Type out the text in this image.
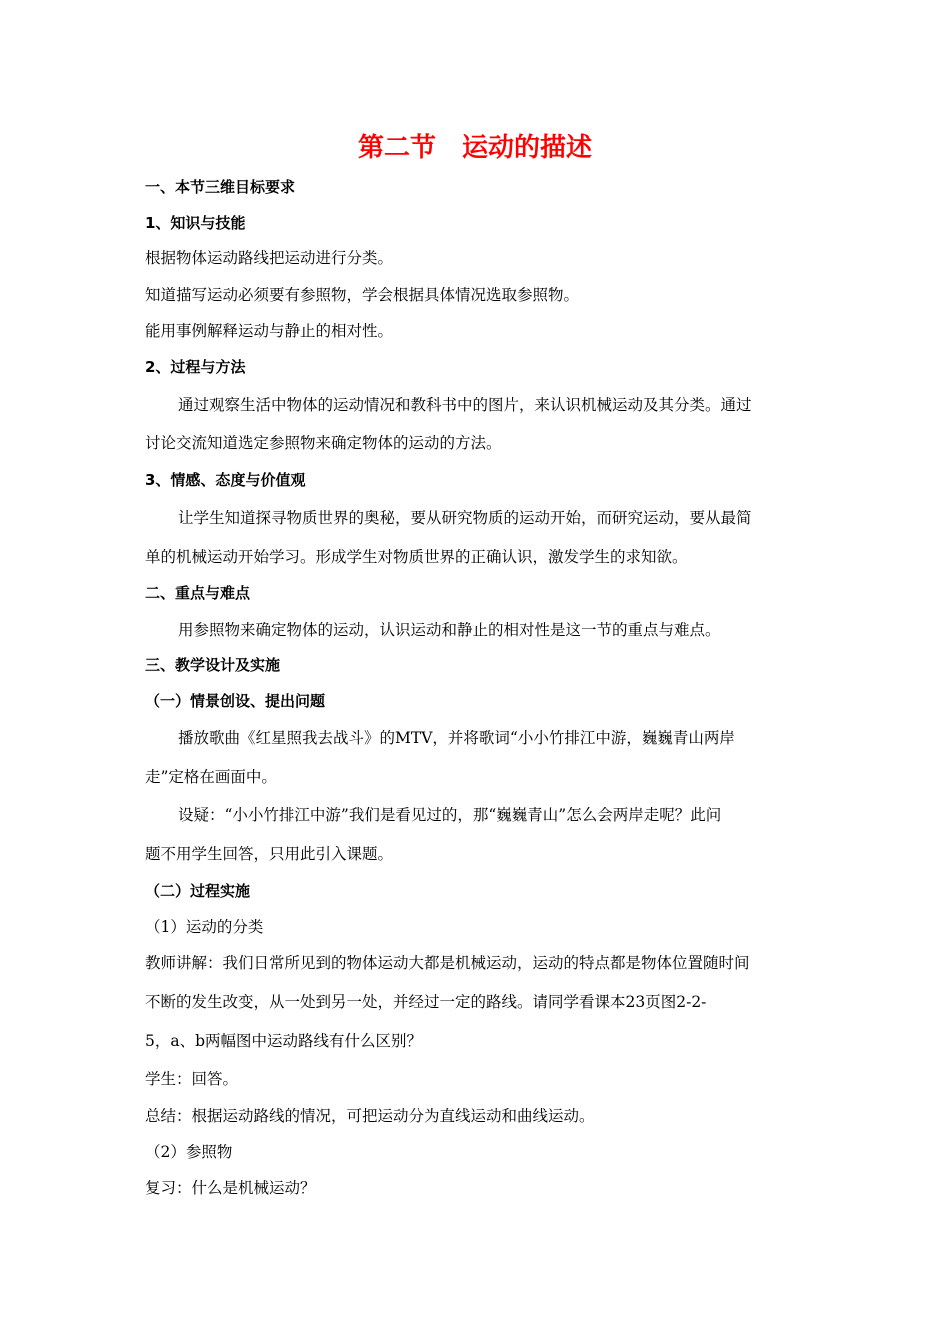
第二节　运动的描述
一、本节三维目标要求
1、知识与技能
根据物体运动路线把运动进行分类。
知道描写运动必须要有参照物，学会根据具体情况选取参照物。
能用事例解释运动与静止的相对性。
2、过程与方法
通过观察生活中物体的运动情况和教科书中的图片，来认识机械运动及其分类。通过
讨论交流知道选定参照物来确定物体的运动的方法。
3、情感、态度与价值观
让学生知道探寻物质世界的奥秘，要从研究物质的运动开始，而研究运动，要从最简
单的机械运动开始学习。形成学生对物质世界的正确认识，激发学生的求知欲。
二、重点与难点
用参照物来确定物体的运动，认识运动和静止的相对性是这一节的重点与难点。
三、教学设计及实施
（一）情景创设、提出问题
播放歌曲《红星照我去战斗》的MTV，并将歌词“小小竹排江中游，巍巍青山两岸
走”定格在画面中。
设疑：“小小竹排江中游”我们是看见过的，那“巍巍青山”怎么会两岸走呢？此问
题不用学生回答，只用此引入课题。
（二）过程实施
（1）运动的分类
教师讲解：我们日常所见到的物体运动大都是机械运动，运动的特点都是物体位置随时间
不断的发生改变，从一处到另一处，并经过一定的路线。请同学看课本23页图2-2-
5，a、b两幅图中运动路线有什么区别？
学生：回答。
总结：根据运动路线的情况，可把运动分为直线运动和曲线运动。
（2）参照物
复习：什么是机械运动？
